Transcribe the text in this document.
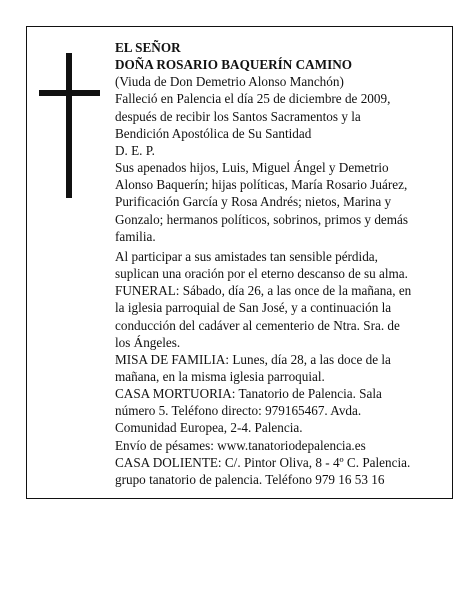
EL SEÑOR
DOÑA ROSARIO BAQUERÍN CAMINO
(Viuda de Don Demetrio Alonso Manchón)
Falleció en Palencia el día 25 de diciembre de 2009,
después de recibir los Santos Sacramentos y la
Bendición Apostólica de Su Santidad
D. E. P.
Sus apenados hijos, Luis, Miguel Ángel y Demetrio
Alonso Baquerín; hijas políticas, María Rosario Juárez,
Purificación García y Rosa Andrés; nietos, Marina y
Gonzalo; hermanos políticos, sobrinos, primos y demás
familia.
Al participar a sus amistades tan sensible pérdida,
suplican una oración por el eterno descanso de su alma.
FUNERAL: Sábado, día 26, a las once de la mañana, en
la iglesia parroquial de San José, y a continuación la
conducción del cadáver al cementerio de Ntra. Sra. de
los Ángeles.
MISA DE FAMILIA: Lunes, día 28, a las doce de la
mañana, en la misma iglesia parroquial.
CASA MORTUORIA: Tanatorio de Palencia. Sala
número 5. Teléfono directo: 979165467. Avda.
Comunidad Europea, 2-4. Palencia.
Envío de pésames: www.tanatoriodepalencia.es
CASA DOLIENTE: C/. Pintor Oliva, 8 - 4º C. Palencia.
grupo tanatorio de palencia. Teléfono 979 16 53 16
